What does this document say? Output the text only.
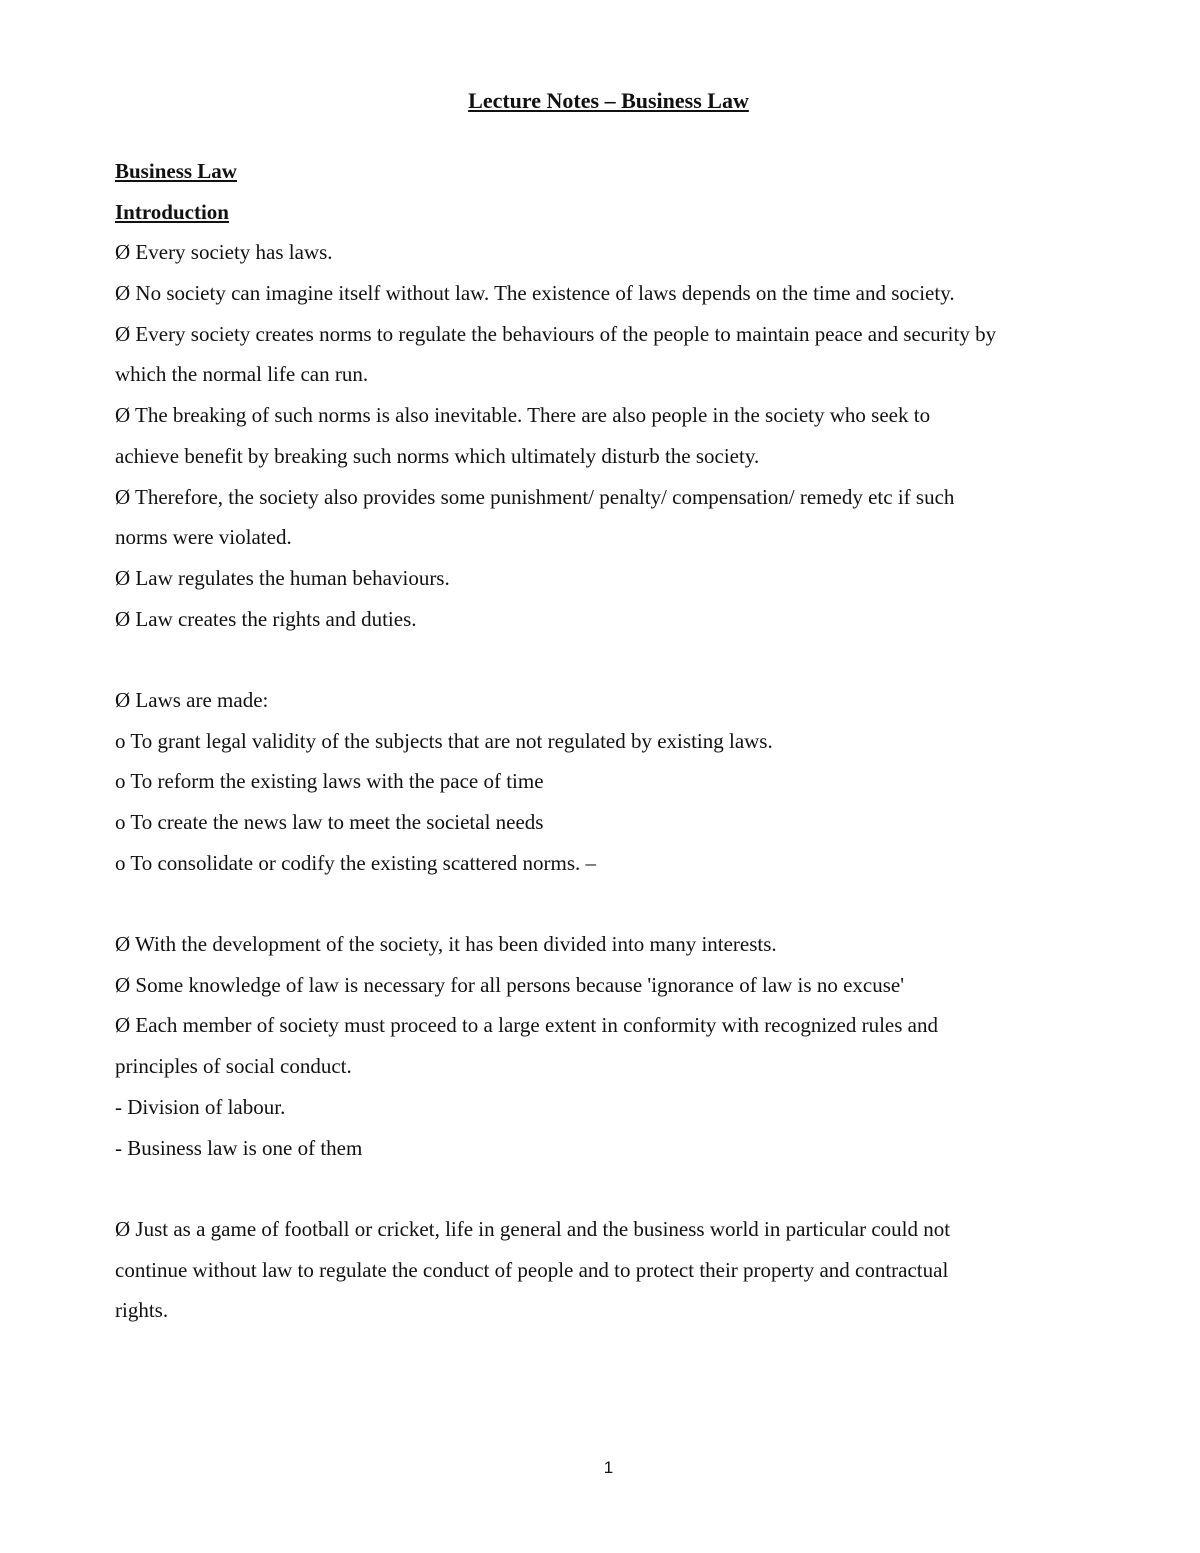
Lecture Notes – Business Law
Business Law
Introduction
Ø Every society has laws.
Ø No society can imagine itself without law. The existence of laws depends on the time and society.
Ø Every society creates norms to regulate the behaviours of the people to maintain peace and security by
which the normal life can run.
Ø The breaking of such norms is also inevitable. There are also people in the society who seek to
achieve benefit by breaking such norms which ultimately disturb the society.
Ø Therefore, the society also provides some punishment/ penalty/ compensation/ remedy etc if such
norms were violated.
Ø Law regulates the human behaviours.
Ø Law creates the rights and duties.
Ø Laws are made:
o To grant legal validity of the subjects that are not regulated by existing laws.
o To reform the existing laws with the pace of time
o To create the news law to meet the societal needs
o To consolidate or codify the existing scattered norms. –
Ø With the development of the society, it has been divided into many interests.
Ø Some knowledge of law is necessary for all persons because 'ignorance of law is no excuse'
Ø Each member of society must proceed to a large extent in conformity with recognized rules and
principles of social conduct.
- Division of labour.
- Business law is one of them
Ø Just as a game of football or cricket, life in general and the business world in particular could not
continue without law to regulate the conduct of people and to protect their property and contractual
rights.
1
